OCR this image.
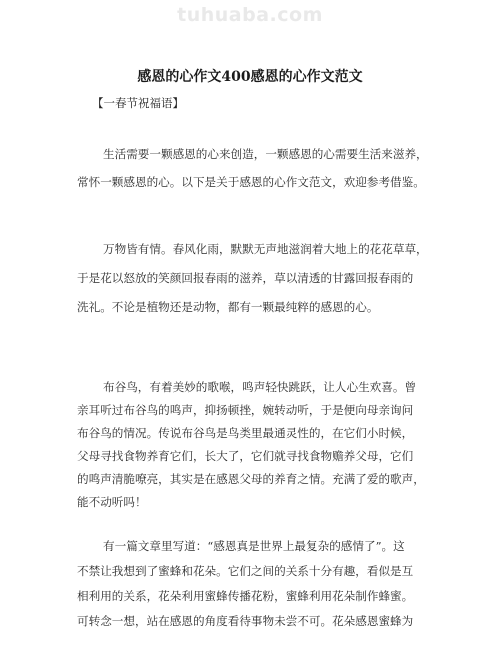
tuhuaba.com
感恩的心作文400感恩的心作文范文
【一春节祝福语】
生活需要一颗感恩的心来创造，一颗感恩的心需要生活来滋养，
常怀一颗感恩的心。以下是关于感恩的心作文范文，欢迎参考借鉴。
万物皆有情。春风化雨，默默无声地滋润着大地上的花花草草，
于是花以怒放的笑颜回报春雨的滋养，草以清透的甘露回报春雨的
洗礼。不论是植物还是动物，都有一颗最纯粹的感恩的心。
布谷鸟，有着美妙的歌喉，鸣声轻快跳跃，让人心生欢喜。曾
亲耳听过布谷鸟的鸣声，抑扬顿挫，婉转动听，于是便向母亲询问
布谷鸟的情况。传说布谷鸟是鸟类里最通灵性的，在它们小时候，
父母寻找食物养育它们，长大了，它们就寻找食物赡养父母，它们
的鸣声清脆嘹亮，其实是在感恩父母的养育之情。充满了爱的歌声，
能不动听吗！
有一篇文章里写道：“感恩真是世界上最复杂的感情了”。这
不禁让我想到了蜜蜂和花朵。它们之间的关系十分有趣，看似是互
相利用的关系，花朵利用蜜蜂传播花粉，蜜蜂利用花朵制作蜂蜜。
可转念一想，站在感恩的角度看待事物未尝不可。花朵感恩蜜蜂为
